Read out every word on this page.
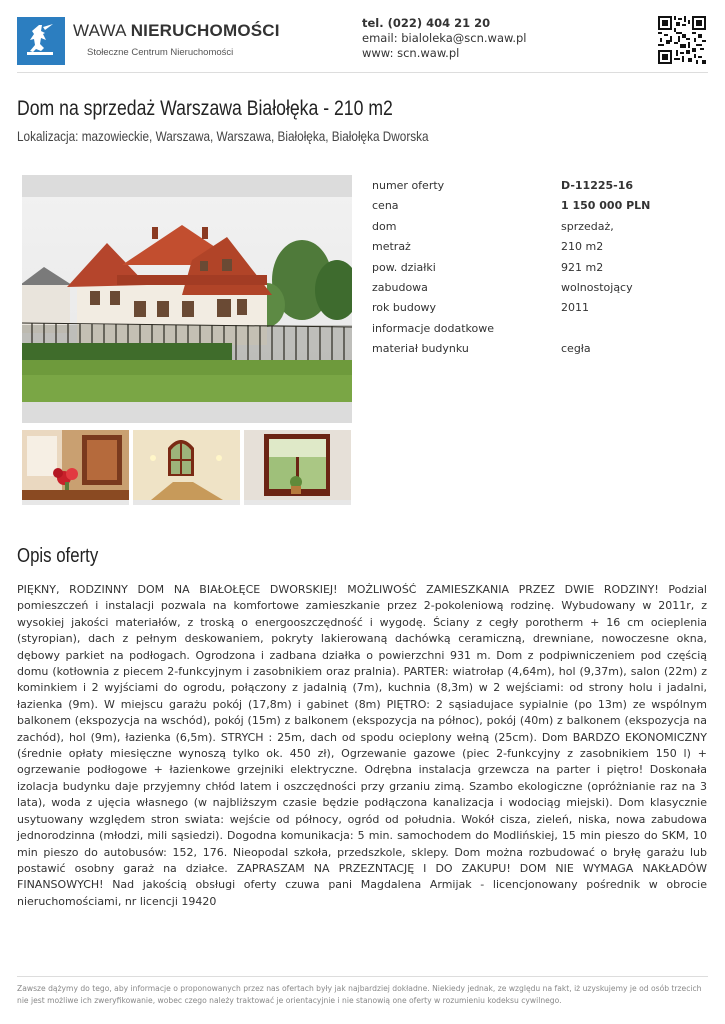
WAWA NIERUCHOMOŚCI
Stołeczne Centrum Nieruchomości
tel. (022) 404 21 20
email: bialoleka@scn.waw.pl
www: scn.waw.pl
Dom na sprzedaż Warszawa Białołęka - 210 m2
Lokalizacja: mazowieckie, Warszawa, Warszawa, Białołęka, Białołęka Dworska
numer oferty	D-11225-16
cena	1 150 000 PLN
dom	sprzedaż,
metraż	210 m2
pow. działki	921 m2
zabudowa	wolnostojący
rok budowy	2011
informacje dodatkowe
materiał budynku	cegła
Opis oferty
PIĘKNY, RODZINNY DOM NA BIAŁOŁĘCE DWORSKIEJ! MOŻLIWOŚĆ ZAMIESZKANIA PRZEZ DWIE RODZINY! Podzial pomieszczeń i instalacji pozwala na komfortowe zamieszkanie przez 2-pokoleniową rodzinę. Wybudowany w 2011r, z wysokiej jakości materiałów, z troską o energooszczędność i wygodę. Ściany z cegły porotherm + 16 cm ocieplenia (styropian), dach z pełnym deskowaniem, pokryty lakierowaną dachówką ceramiczną, drewniane, nowoczesne okna, dębowy parkiet na podłogach. Ogrodzona i zadbana działka o powierzchni 931 m. Dom z podpiwniczeniem pod częścią domu (kotłownia z piecem 2-funkcyjnym i zasobnikiem oraz pralnia). PARTER: wiatrołap (4,64m), hol (9,37m), salon (22m) z kominkiem i 2 wyjściami do ogrodu, połączony z jadalnią (7m), kuchnia (8,3m) w 2 wejściami: od strony holu i jadalni, łazienka (9m). W miejscu garażu pokój (17,8m) i gabinet (8m) PIĘTRO: 2 sąsiadujace sypialnie (po 13m) ze wspólnym balkonem (ekspozycja na wschód), pokój (15m) z balkonem (ekspozycja na północ), pokój (40m) z balkonem (ekspozycja na zachód), hol (9m), łazienka (6,5m). STRYCH : 25m, dach od spodu ocieplony wełną (25cm). Dom BARDZO EKONOMICZNY (średnie opłaty miesięczne wynoszą tylko ok. 450 zł), Ogrzewanie gazowe (piec 2-funkcyjny z zasobnikiem 150 l) + ogrzewanie podłogowe + łazienkowe grzejniki elektryczne. Odrębna instalacja grzewcza na parter i piętro! Doskonała izolacja budynku daje przyjemny chłód latem i oszczędności przy grzaniu zimą. Szambo ekologiczne (opróżnianie raz na 3 lata), woda z ujęcia własnego (w najbliższym czasie będzie podłączona kanalizacja i wodociąg miejski). Dom klasycznie usytuowany względem stron swiata: wejście od północy, ogród od południa. Wokół cisza, zieleń, niska, nowa zabudowa jednorodzinna (młodzi, mili sąsiedzi). Dogodna komunikacja: 5 min. samochodem do Modlińskiej, 15 min pieszo do SKM, 10 min pieszo do autobusów: 152, 176. Nieopodal szkoła, przedszkole, sklepy. Dom można rozbudować o bryłę garażu lub postawić osobny garaż na działce. ZAPRASZAM NA PRZEZNTACJĘ I DO ZAKUPU! DOM NIE WYMAGA NAKŁADÓW FINANSOWYCH! Nad jakością obsługi oferty czuwa pani Magdalena Armijak - licencjonowany pośrednik w obrocie nieruchomościami, nr licencji 19420
Zawsze dążymy do tego, aby informacje o proponowanych przez nas ofertach były jak najbardziej dokładne. Niekiedy jednak, ze względu na fakt, iż uzyskujemy je od osób trzecich nie jest możliwe ich zweryfikowanie, wobec czego należy traktować je orientacyjnie i nie stanowią one oferty w rozumieniu kodeksu cywilnego.
